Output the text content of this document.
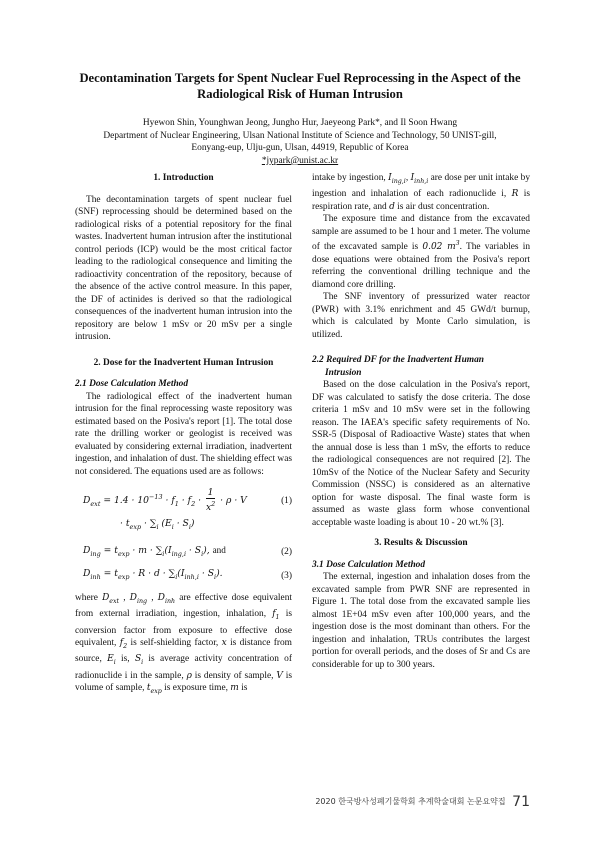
Decontamination Targets for Spent Nuclear Fuel Reprocessing in the Aspect of the Radiological Risk of Human Intrusion
Hyewon Shin, Younghwan Jeong, Jungho Hur, Jaeyeong Park*, and Il Soon Hwang
Department of Nuclear Engineering, Ulsan National Institute of Science and Technology, 50 UNIST-gill,
Eonyang-eup, Ulju-gun, Ulsan, 44919, Republic of Korea
*jypark@unist.ac.kr
1. Introduction

The decontamination targets of spent nuclear fuel (SNF) reprocessing should be determined based on the radiological risks of a potential repository for the final wastes. Inadvertent human intrusion after the institutional control periods (ICP) would be the most critical factor leading to the radiological consequence and limiting the radioactivity concentration of the repository, because of the absence of the active control measure. In this paper, the DF of actinides is derived so that the radiological consequences of the inadvertent human intrusion into the repository are below 1 mSv or 20 mSv per a single intrusion.

2. Dose for the Inadvertent Human Intrusion
2.1 Dose Calculation Method

The radiological effect of the inadvertent human intrusion for the final reprocessing waste repository was estimated based on the Posiva's report [1]. The total dose rate the drilling worker or geologist is received was evaluated by considering external irradiation, inadvertent ingestion, and inhalation of dust. The shielding effect was not considered. The equations used are as follows:

$D_{ext} = 1.4 \cdot 10^{-13} \cdot f_1 \cdot f_2 \cdot \frac{1}{x^2} \cdot \rho \cdot V$	(1)
· $t_{exp} \cdot \sum_i$ $(E_i \cdot S_i)$
$D_{ing} = t_{exp} \cdot m \cdot \sum_i(I_{ing,i} \cdot S_i)$, and	(2)
$D_{inh} = t_{exp} \cdot R \cdot d \cdot \sum_i(I_{inh,i} \cdot S_i)$.	(3)
where $D_{ext}$ , $D_{ing}$ , $D_{inh}$ are effective dose equivalent from external irradiation, ingestion, inhalation, $f_1$ is conversion factor from exposure to effective dose equivalent, $f_2$ is self-shielding factor, x is distance from source, $E_i$ is, $S_i$ is average activity concentration of radionuclide i in the sample, ρ is density of sample, V is volume of sample, $t_{exp}$ is exposure time, m is
intake by ingestion, $I_{ing,i}$, $I_{inh,i}$ are dose per unit intake by ingestion and inhalation of each radionuclide i, R is respiration rate, and d is air dust concentration.
The exposure time and distance from the excavated sample are assumed to be 1 hour and 1 meter. The volume of the excavated sample is 0.02 $m^3$. The variables in dose equations were obtained from the Posiva's report referring the conventional drilling technique and the diamond core drilling.

The SNF inventory of pressurized water reactor (PWR) with 3.1% enrichment and 45 GWd/t burnup, which is calculated by Monte Carlo simulation, is utilized.

2.2 Required DF for the Inadvertent Human
Intrusion

Based on the dose calculation in the Posiva's report, DF was calculated to satisfy the dose criteria. The dose criteria 1 mSv and 10 mSv were set in the following reason. The IAEA's specific safety requirements of No. SSR-5 (Disposal of Radioactive Waste) states that when the annual dose is less than 1 mSv, the efforts to reduce the radiological consequences are not required [2]. The 10mSv of the Notice of the Nuclear Safety and Security Commission (NSSC) is considered as an alternative option for waste disposal. The final waste form is assumed as waste glass form whose conventional acceptable waste loading is about 10 - 20 wt.% [3].

3. Results & Discussion
3.1 Dose Calculation Method

The external, ingestion and inhalation doses from the excavated sample from PWR SNF are represented in Figure 1. The total dose from the excavated sample lies almost 1E+04 mSv even after 100,000 years, and the ingestion dose is the most dominant than others. For the ingestion and inhalation, TRUs contributes the largest portion for overall periods, and the doses of Sr and Cs are considerable for up to 300 years.

2020 한국방사성폐기물학회 추계학술대회 논문요약집 71
